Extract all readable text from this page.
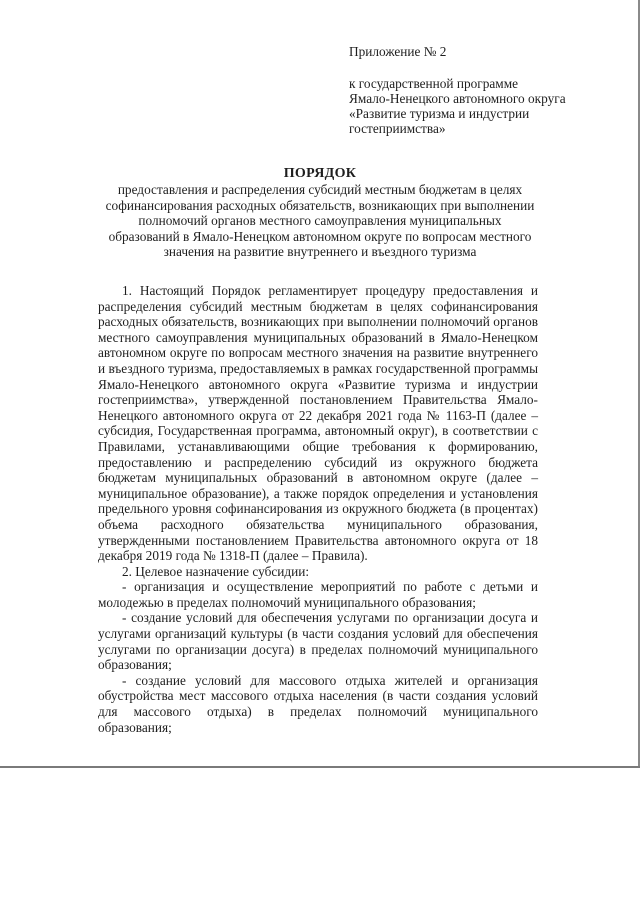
Приложение № 2
к государственной программе
Ямало-Ненецкого автономного округа
«Развитие туризма и индустрии
гостеприимства»
ПОРЯДОК
предоставления и распределения субсидий местным бюджетам в целях софинансирования расходных обязательств, возникающих при выполнении полномочий органов местного самоуправления муниципальных образований в Ямало-Ненецком автономном округе по вопросам местного значения на развитие внутреннего и въездного туризма

1. Настоящий Порядок регламентирует процедуру предоставления и распределения субсидий местным бюджетам в целях софинансирования расходных обязательств, возникающих при выполнении полномочий органов местного самоуправления муниципальных образований в Ямало-Ненецком автономном округе по вопросам местного значения на развитие внутреннего и въездного туризма, предоставляемых в рамках государственной программы Ямало-Ненецкого автономного округа «Развитие туризма и индустрии гостеприимства», утвержденной постановлением Правительства Ямало-Ненецкого автономного округа от 22 декабря 2021 года № 1163-П (далее – субсидия, Государственная программа, автономный округ), в соответствии с Правилами, устанавливающими общие требования к формированию, предоставлению и распределению субсидий из окружного бюджета бюджетам муниципальных образований в автономном округе (далее – муниципальное образование), а также порядок определения и установления предельного уровня софинансирования из окружного бюджета (в процентах) объема расходного обязательства муниципального образования, утвержденными постановлением Правительства автономного округа от 18 декабря 2019 года № 1318-П (далее – Правила).

2. Целевое назначение субсидии:

- организация и осуществление мероприятий по работе с детьми и молодежью в пределах полномочий муниципального образования;

- создание условий для обеспечения услугами по организации досуга и услугами организаций культуры (в части создания условий для обеспечения услугами по организации досуга) в пределах полномочий муниципального образования;

- создание условий для массового отдыха жителей и организация обустройства мест массового отдыха населения (в части создания условий для массового отдыха) в пределах полномочий муниципального образования;
